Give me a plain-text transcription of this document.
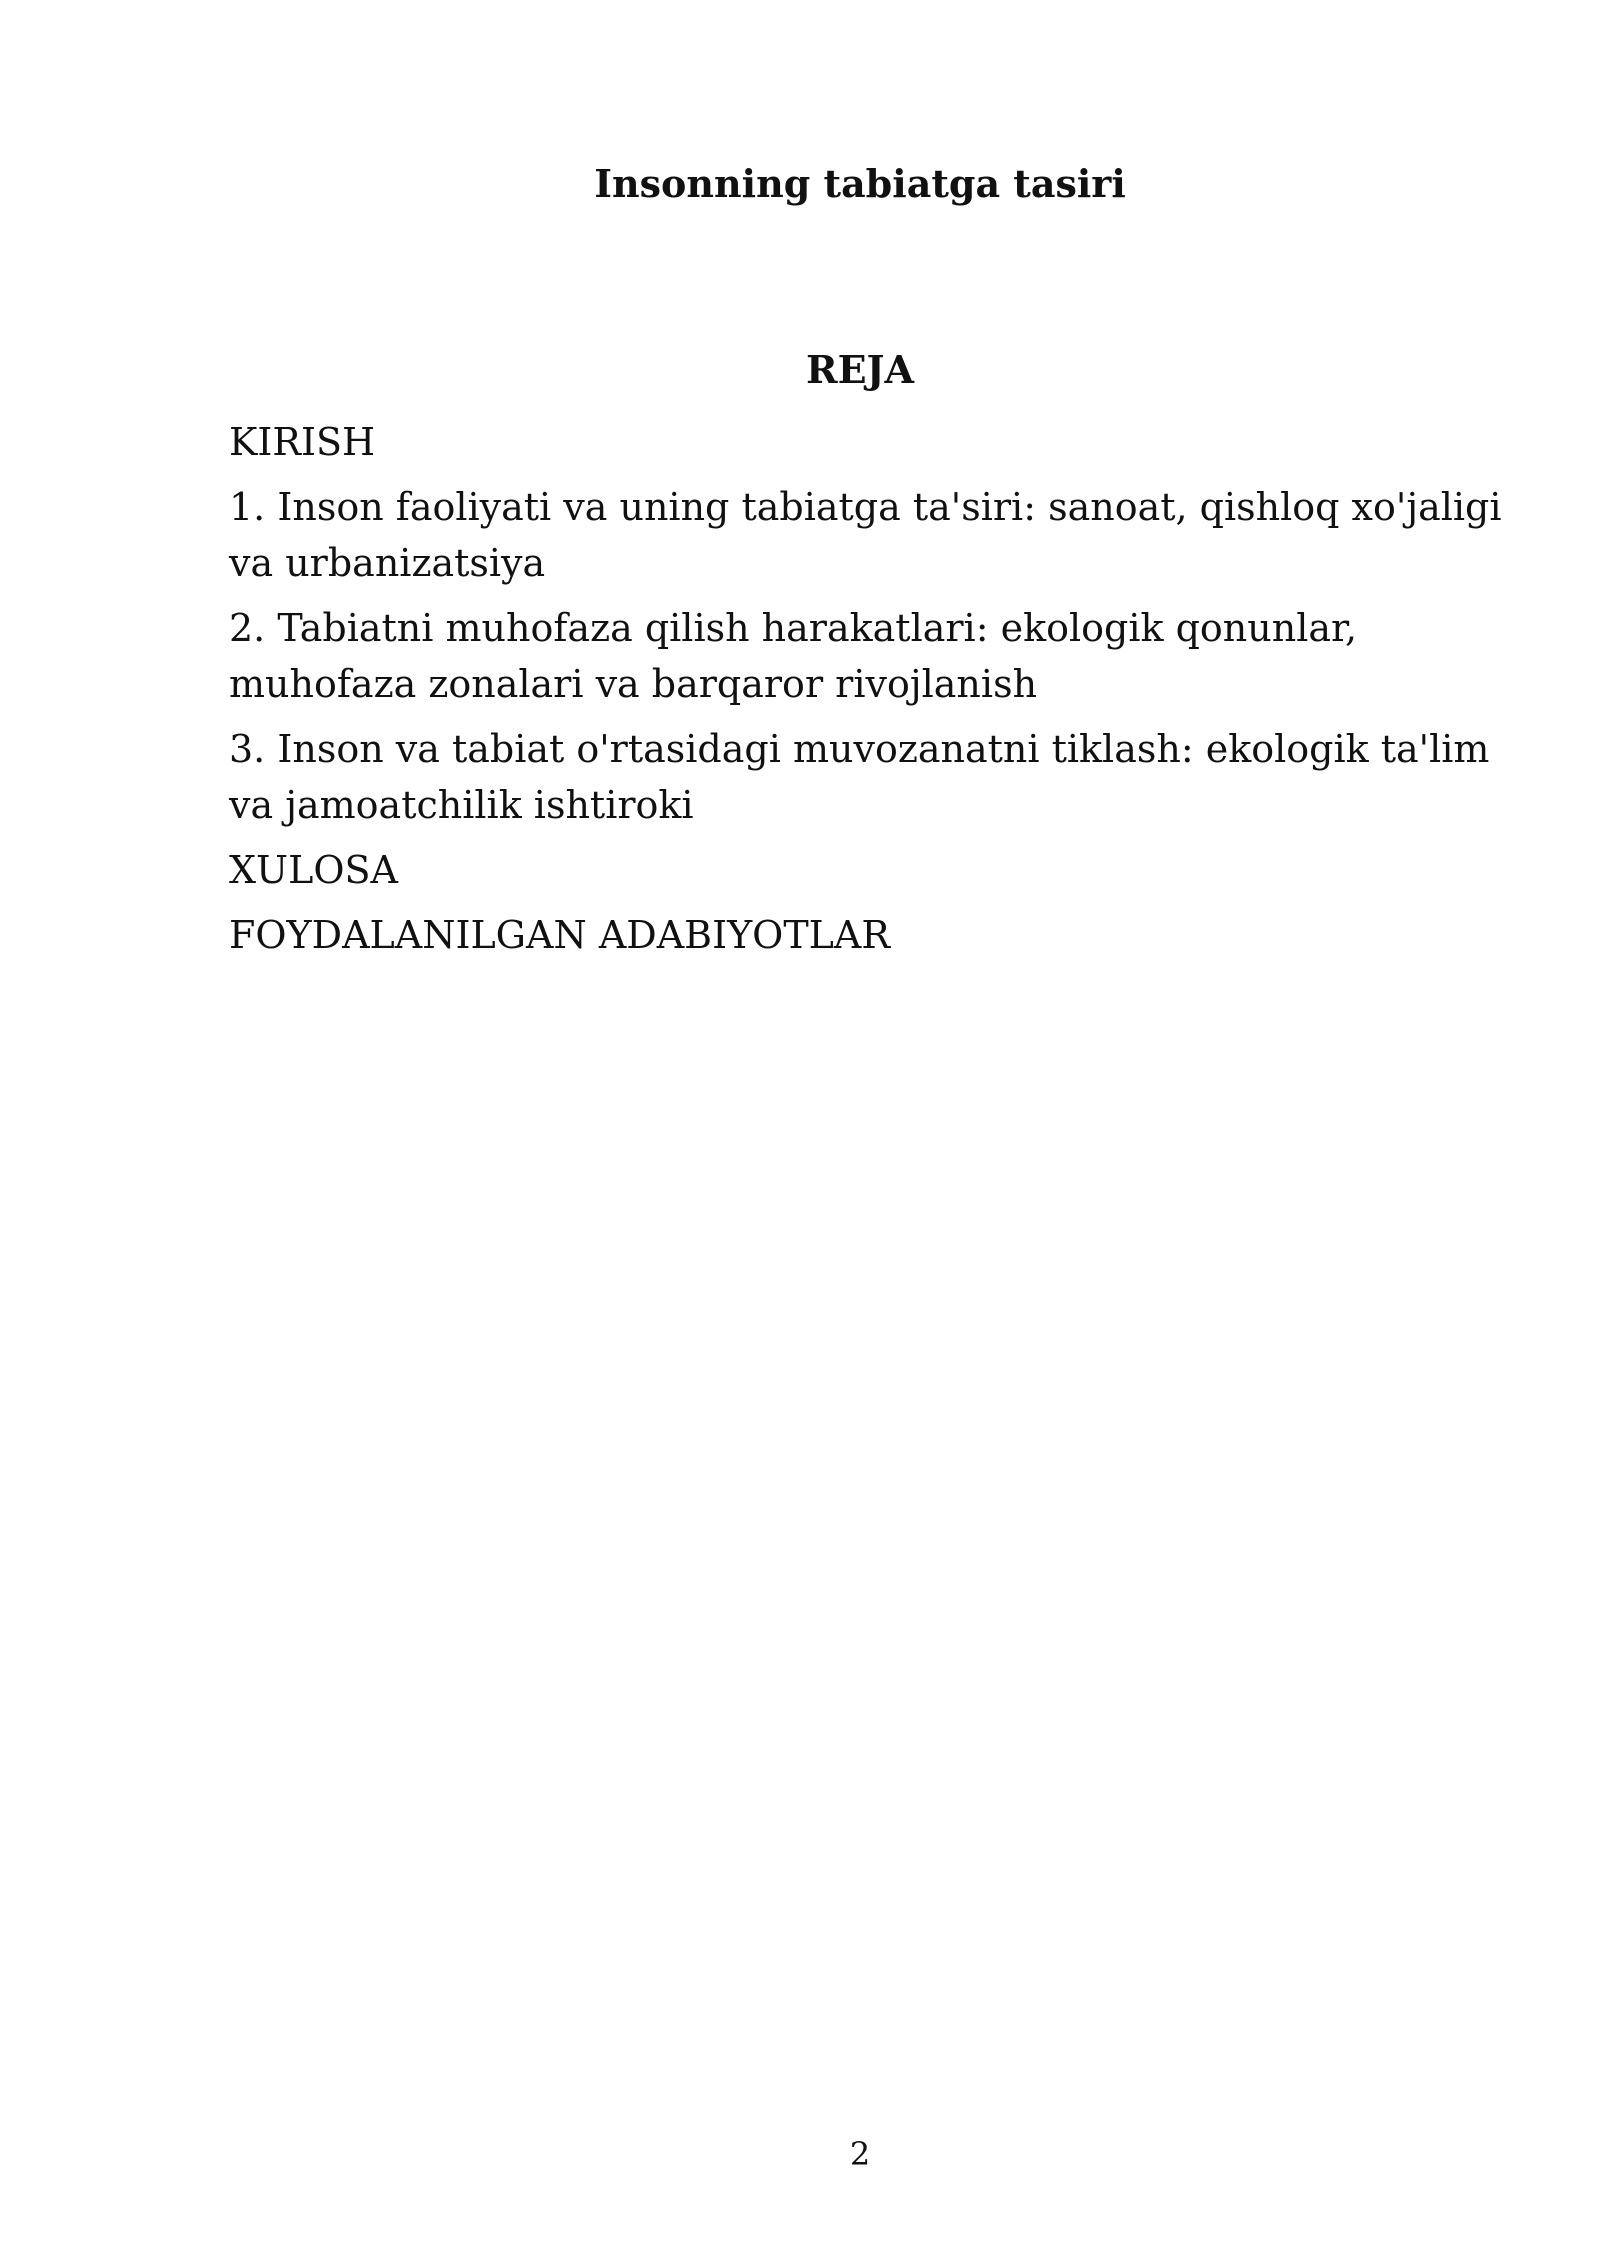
Insonning tabiatga tasiri
REJA
KIRISH
1. Inson faoliyati va uning tabiatga ta'siri: sanoat, qishloq xo'jaligi va urbanizatsiya
2. Tabiatni muhofaza qilish harakatlari: ekologik qonunlar, muhofaza zonalari va barqaror rivojlanish
3. Inson va tabiat o'rtasidagi muvozanatni tiklash: ekologik ta'lim va jamoatchilik ishtiroki
XULOSA
FOYDALANILGAN ADABIYOTLAR
2
